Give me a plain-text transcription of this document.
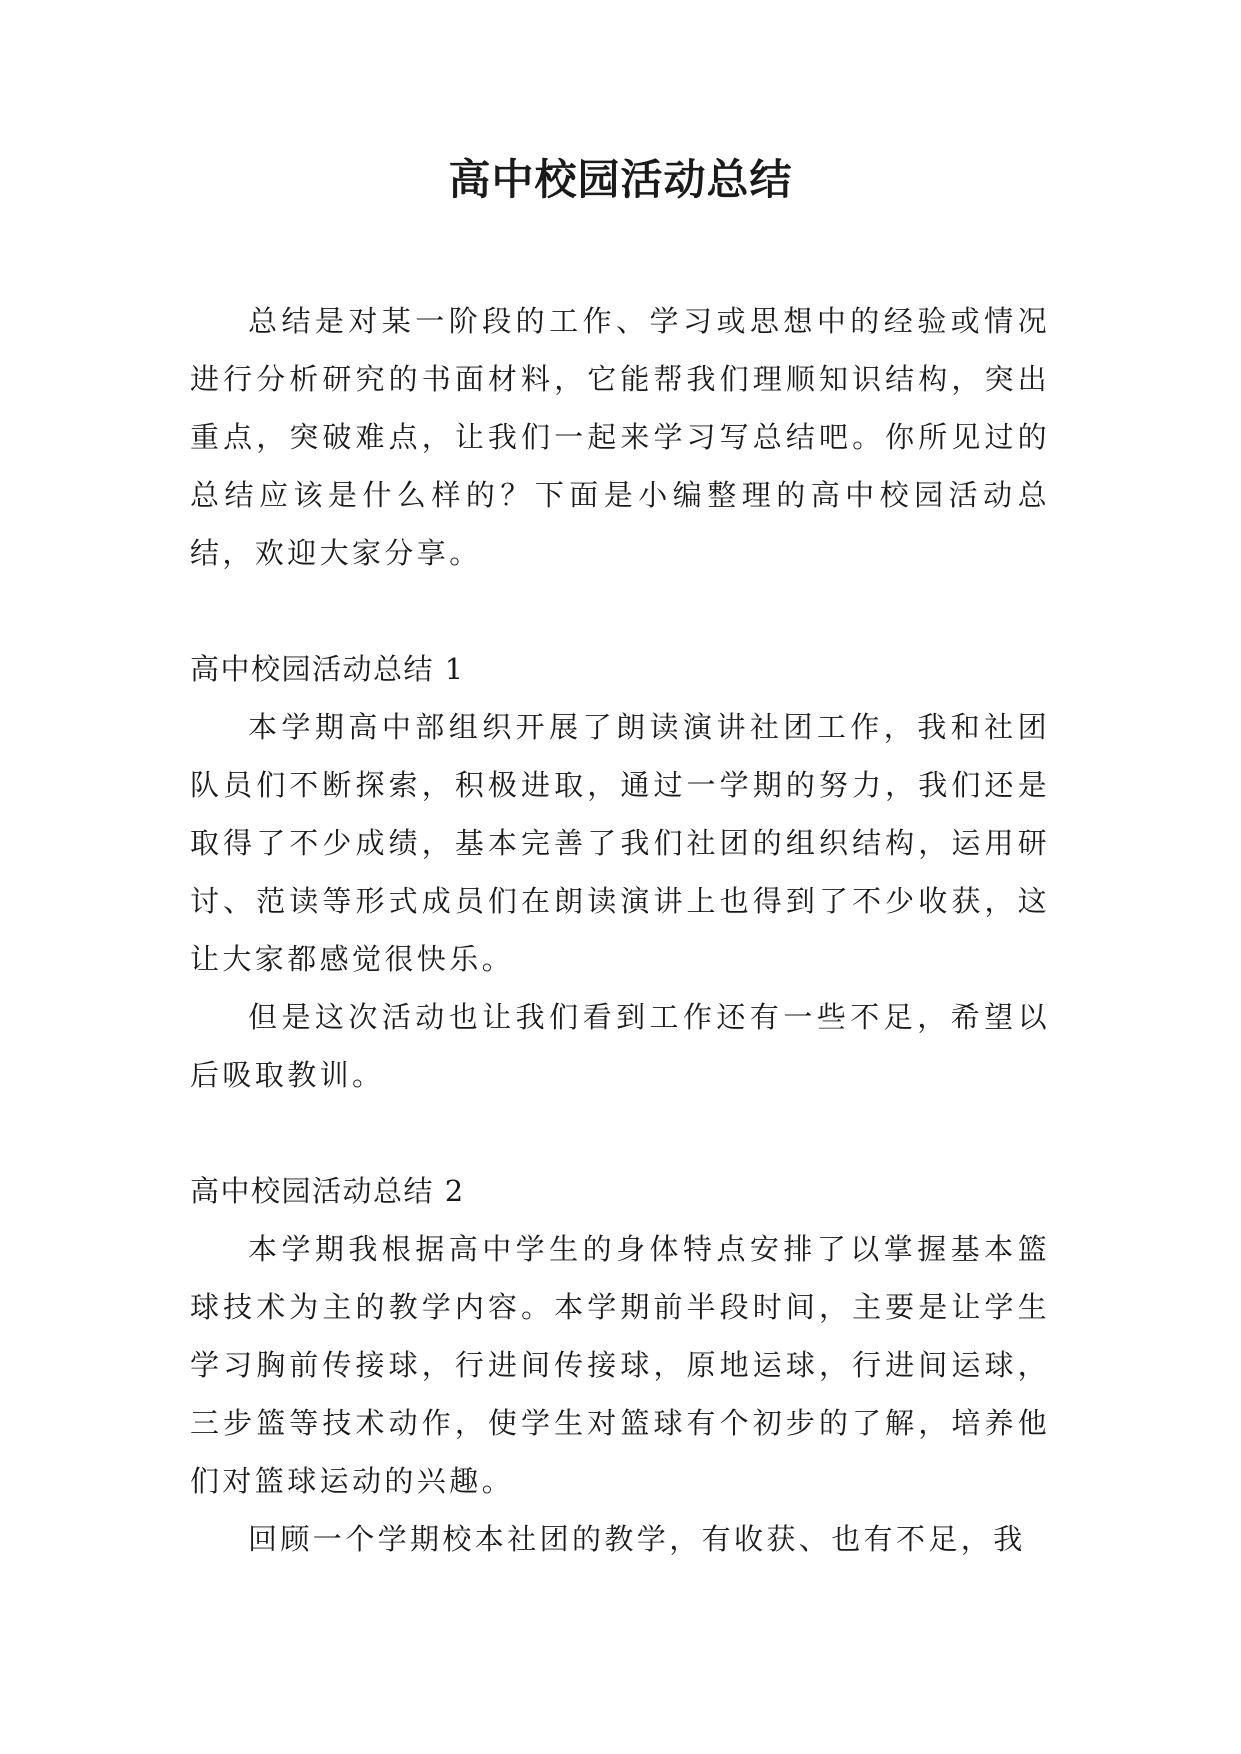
高中校园活动总结

总结是对某一阶段的工作、学习或思想中的经验或情况进行分析研究的书面材料，它能帮我们理顺知识结构，突出重点，突破难点，让我们一起来学习写总结吧。你所见过的总结应该是什么样的？下面是小编整理的高中校园活动总结，欢迎大家分享。

高中校园活动总结 1

本学期高中部组织开展了朗读演讲社团工作，我和社团队员们不断探索，积极进取，通过一学期的努力，我们还是取得了不少成绩，基本完善了我们社团的组织结构，运用研讨、范读等形式成员们在朗读演讲上也得到了不少收获，这让大家都感觉很快乐。

但是这次活动也让我们看到工作还有一些不足，希望以后吸取教训。

高中校园活动总结 2

本学期我根据高中学生的身体特点安排了以掌握基本篮球技术为主的教学内容。本学期前半段时间，主要是让学生学习胸前传接球，行进间传接球，原地运球，行进间运球，三步篮等技术动作，使学生对篮球有个初步的了解，培养他们对篮球运动的兴趣。

回顾一个学期校本社团的教学，有收获、也有不足，我
